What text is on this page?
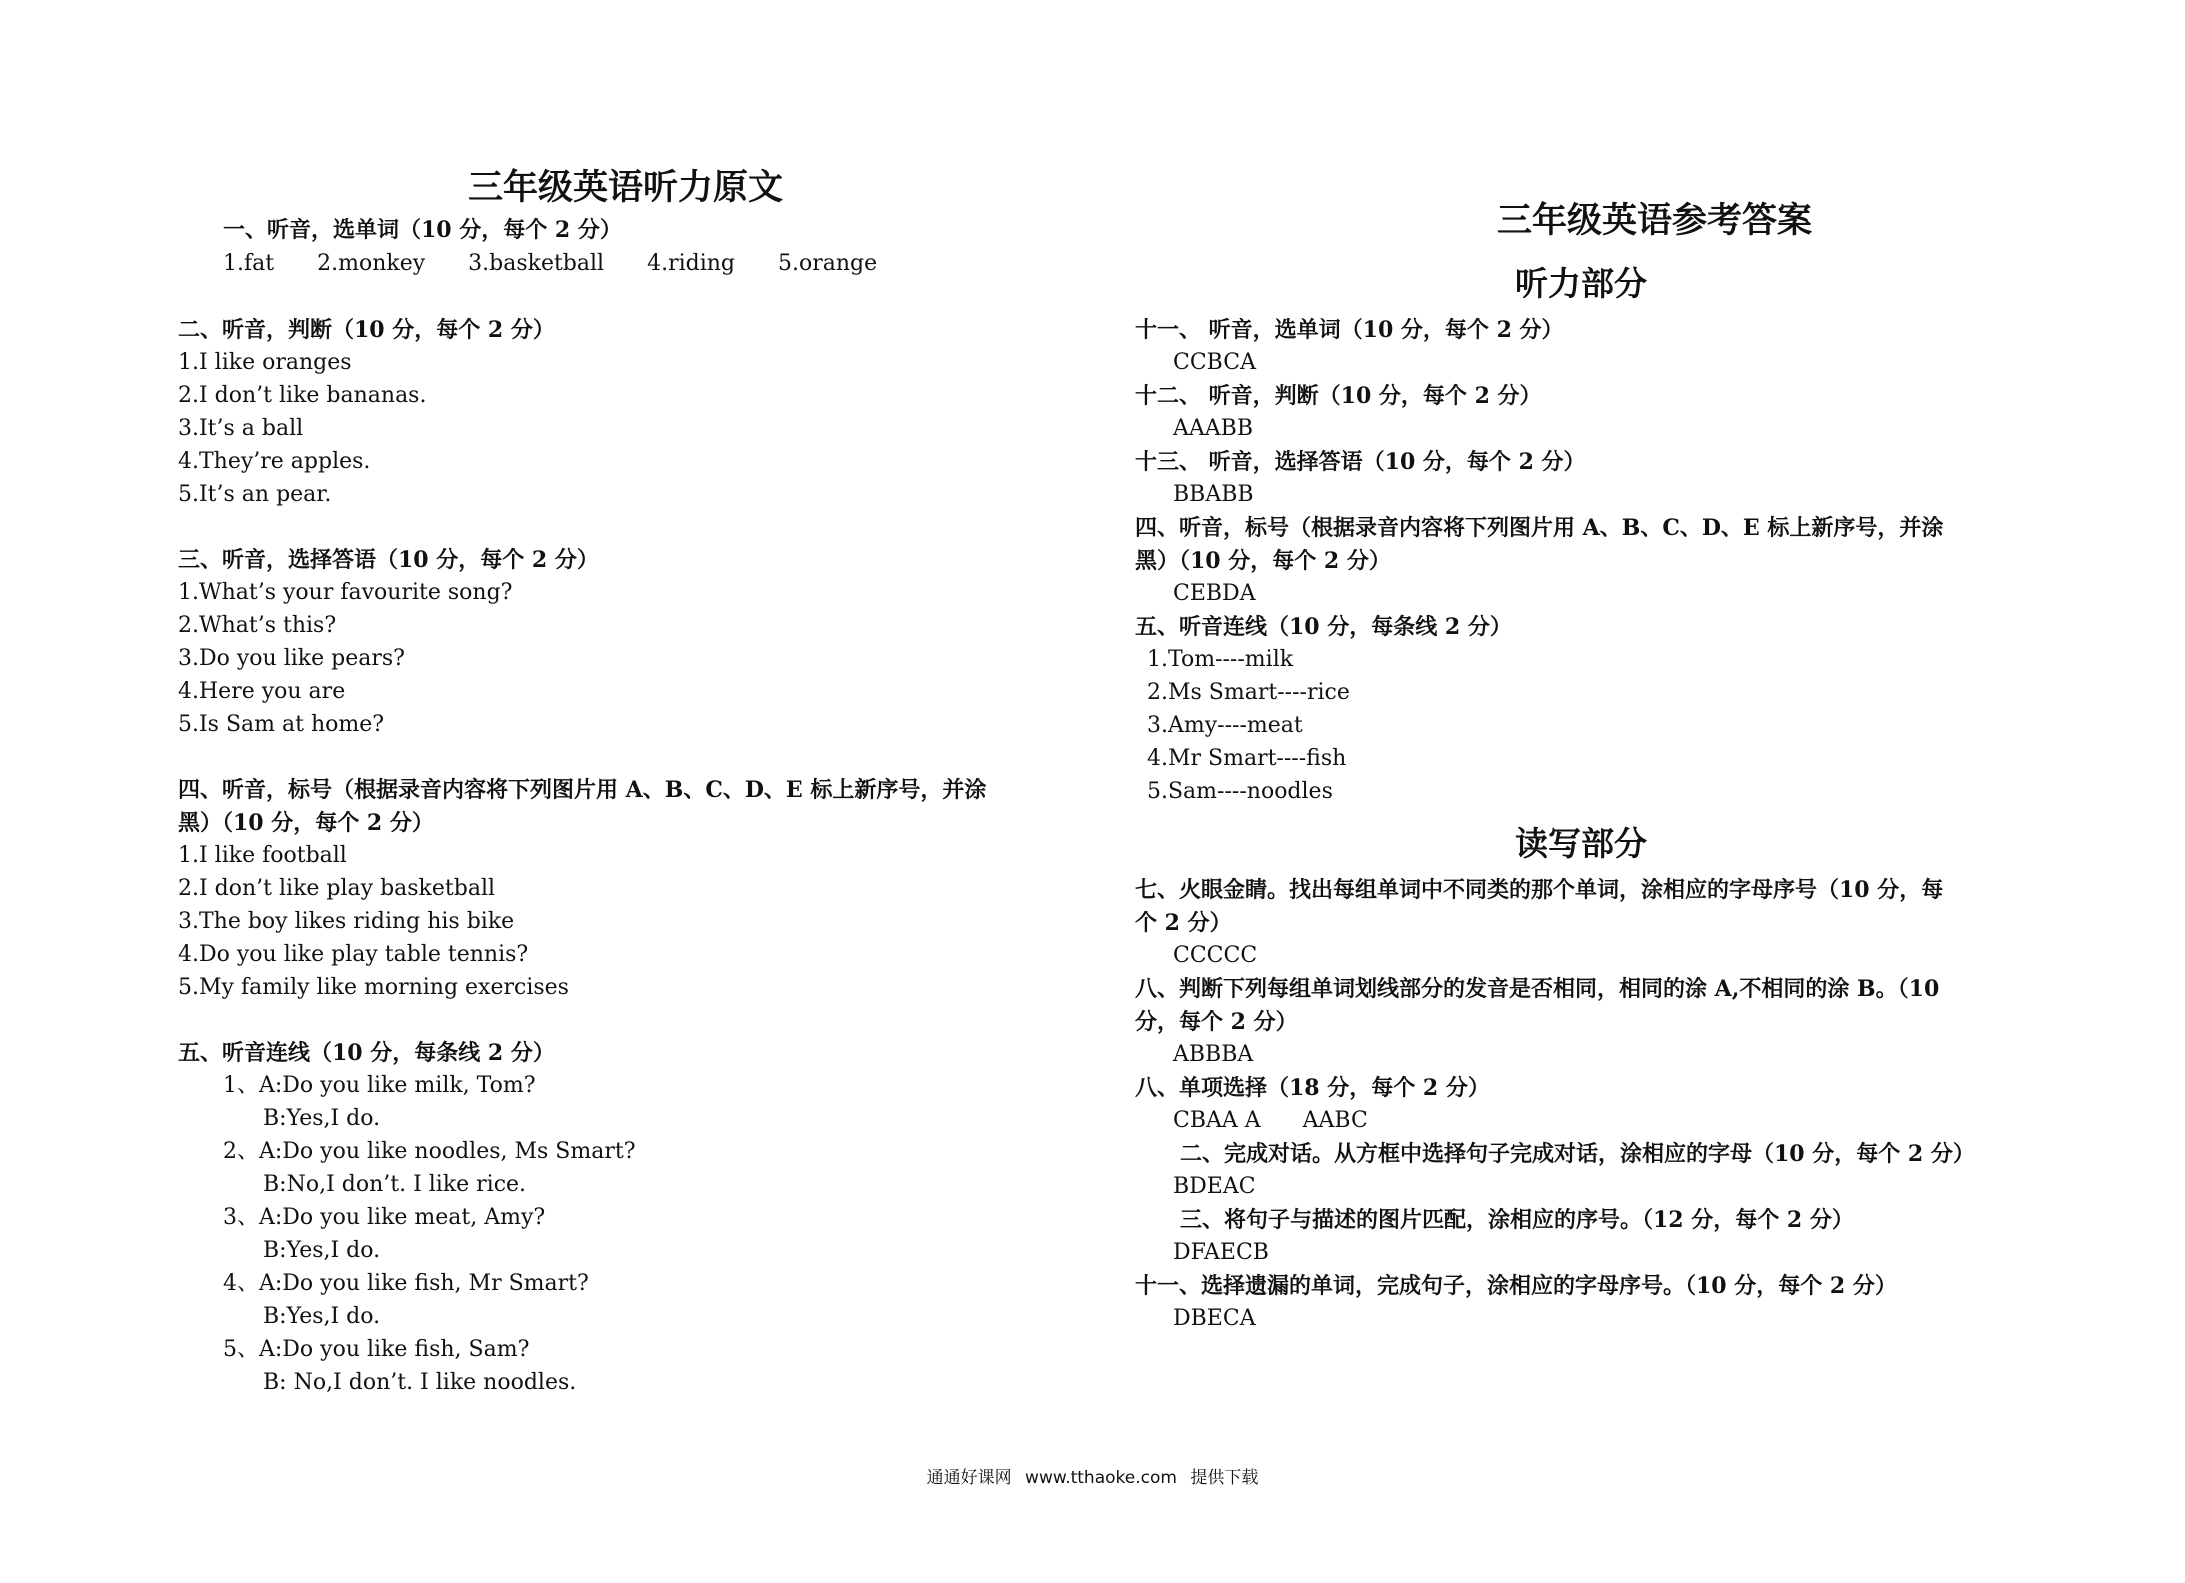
三年级英语听力原文
一、听音，选单词（10 分，每个 2 分）
1.fat 2.monkey 3.basketball 4.riding 5.orange
二、听音，判断（10 分，每个 2 分）
1.I like oranges
2.I don’t like bananas.
3.It’s a ball
4.They’re apples.
5.It’s an pear.
三、听音，选择答语（10 分，每个 2 分）
1.What’s your favourite song?
2.What’s this?
3.Do you like pears?
4.Here you are
5.Is Sam at home?
四、听音，标号（根据录音内容将下列图片用 A、B、C、D、E 标上新序号，并涂
黑）（10 分，每个 2 分）
1.I like football
2.I don’t like play basketball
3.The boy likes riding his bike
4.Do you like play table tennis?
5.My family like morning exercises
五、听音连线（10 分，每条线 2 分）
1、A:Do you like milk, Tom?
B:Yes,I do.
2、A:Do you like noodles, Ms Smart?
B:No,I don’t. I like rice.
3、A:Do you like meat, Amy?
B:Yes,I do.
4、A:Do you like fish, Mr Smart?
B:Yes,I do.
5、A:Do you like fish, Sam?
B: No,I don’t. I like noodles.
三年级英语参考答案
听力部分
十一、 听音，选单词（10 分，每个 2 分）
CCBCA
十二、 听音，判断（10 分，每个 2 分）
AAABB
十三、 听音，选择答语（10 分，每个 2 分）
BBABB
四、听音，标号（根据录音内容将下列图片用 A、B、C、D、E 标上新序号，并涂
黑）（10 分，每个 2 分）
CEBDA
五、听音连线（10 分，每条线 2 分）
1.Tom----milk
2.Ms Smart----rice
3.Amy----meat
4.Mr Smart----fish
5.Sam----noodles
读写部分
七、火眼金睛。找出每组单词中不同类的那个单词，涂相应的字母序号（10 分，每
个 2 分）
CCCCC
八、判断下列每组单词划线部分的发音是否相同，相同的涂 A,不相同的涂 B。（10
分，每个 2 分）
ABBBA
八、单项选择（18 分，每个 2 分）
CBAA A      AABC
二、完成对话。从方框中选择句子完成对话，涂相应的字母（10 分，每个 2 分）
BDEAC
三、将句子与描述的图片匹配，涂相应的序号。（12 分，每个 2 分）
DFAECB
十一、选择遗漏的单词，完成句子，涂相应的字母序号。（10 分，每个 2 分）
DBECA
通通好课网 www.tthaoke.com 提供下载
